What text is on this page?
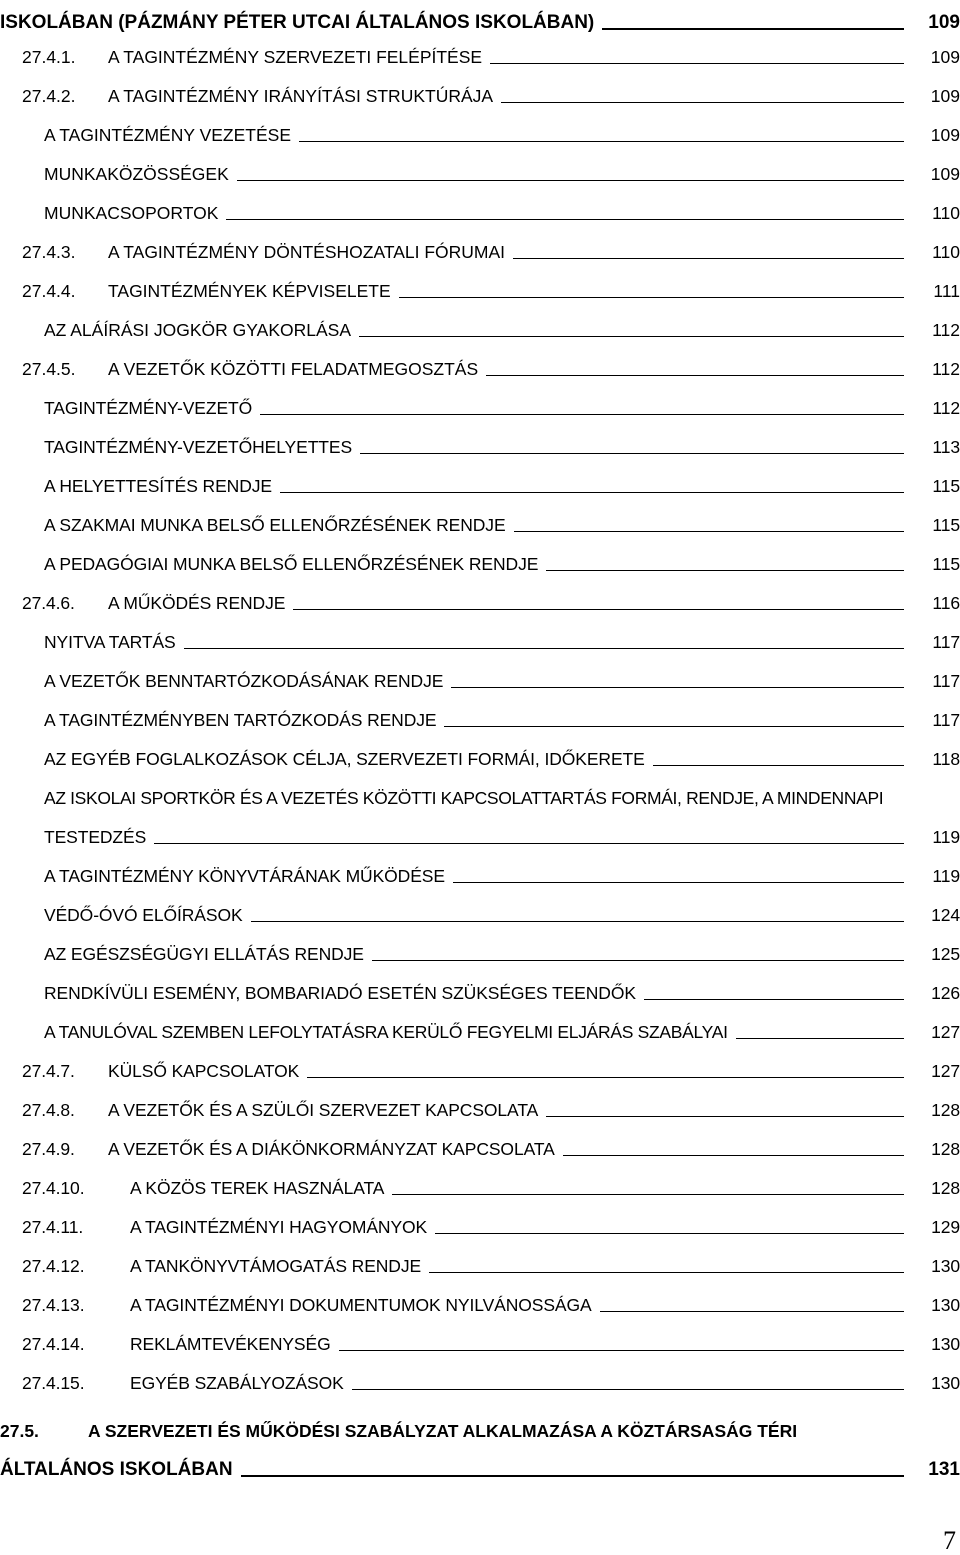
ISKOLÁBAN (PÁZMÁNY PÉTER UTCAI ÁLTALÁNOS ISKOLÁBAN)	109
27.4.1.	A TAGINTÉZMÉNY SZERVEZETI FELÉPÍTÉSE	109
27.4.2.	A TAGINTÉZMÉNY IRÁNYÍTÁSI STRUKTÚRÁJA	109
A TAGINTÉZMÉNY VEZETÉSE	109
MUNKAKÖZÖSSÉGEK	109
MUNKACSOPORTOK	110
27.4.3.	A TAGINTÉZMÉNY DÖNTÉSHOZATALI FÓRUMAI	110
27.4.4.	TAGINTÉZMÉNYEK KÉPVISELETE	111
AZ ALÁÍRÁSI JOGKÖR GYAKORLÁSA	112
27.4.5.	A VEZETŐK KÖZÖTTI FELADATMEGOSZTÁS	112
TAGINTÉZMÉNY-VEZETŐ	112
TAGINTÉZMÉNY-VEZETŐHELYETTES	113
A HELYETTESÍTÉS RENDJE	115
A SZAKMAI MUNKA BELSŐ ELLENŐRZÉSÉNEK RENDJE	115
A PEDAGÓGIAI MUNKA BELSŐ ELLENŐRZÉSÉNEK RENDJE	115
27.4.6.	A MŰKÖDÉS RENDJE	116
NYITVA TARTÁS	117
A VEZETŐK BENNTARTÓZKODÁSÁNAK RENDJE	117
A TAGINTÉZMÉNYBEN TARTÓZKODÁS RENDJE	117
AZ EGYÉB FOGLALKOZÁSOK CÉLJA, SZERVEZETI FORMÁI, IDŐKERETE	118
AZ ISKOLAI SPORTKÖR ÉS A VEZETÉS KÖZÖTTI KAPCSOLATTARTÁS FORMÁI, RENDJE, A MINDENNAPI
TESTEDZÉS	119
A TAGINTÉZMÉNY KÖNYVTÁRÁNAK MŰKÖDÉSE	119
VÉDŐ-ÓVÓ ELŐÍRÁSOK	124
AZ EGÉSZSÉGÜGYI ELLÁTÁS RENDJE	125
RENDKÍVÜLI ESEMÉNY, BOMBARIADÓ ESETÉN SZÜKSÉGES TEENDŐK	126
A TANULÓVAL SZEMBEN LEFOLYTATÁSRA KERÜLŐ FEGYELMI ELJÁRÁS SZABÁLYAI	127
27.4.7.	KÜLSŐ KAPCSOLATOK	127
27.4.8.	A VEZETŐK ÉS A SZÜLŐI SZERVEZET KAPCSOLATA	128
27.4.9.	A VEZETŐK ÉS A DIÁKÖNKORMÁNYZAT KAPCSOLATA	128
27.4.10.	A KÖZÖS TEREK HASZNÁLATA	128
27.4.11.	A TAGINTÉZMÉNYI HAGYOMÁNYOK	129
27.4.12.	A TANKÖNYVTÁMOGATÁS RENDJE	130
27.4.13.	A TAGINTÉZMÉNYI DOKUMENTUMOK NYILVÁNOSSÁGA	130
27.4.14.	REKLÁMTEVÉKENYSÉG	130
27.4.15.	EGYÉB SZABÁLYOZÁSOK	130
27.5.	A SZERVEZETI ÉS MŰKÖDÉSI SZABÁLYZAT ALKALMAZÁSA A KÖZTÁRSASÁG TÉRI
ÁLTALÁNOS ISKOLÁBAN	131
7
